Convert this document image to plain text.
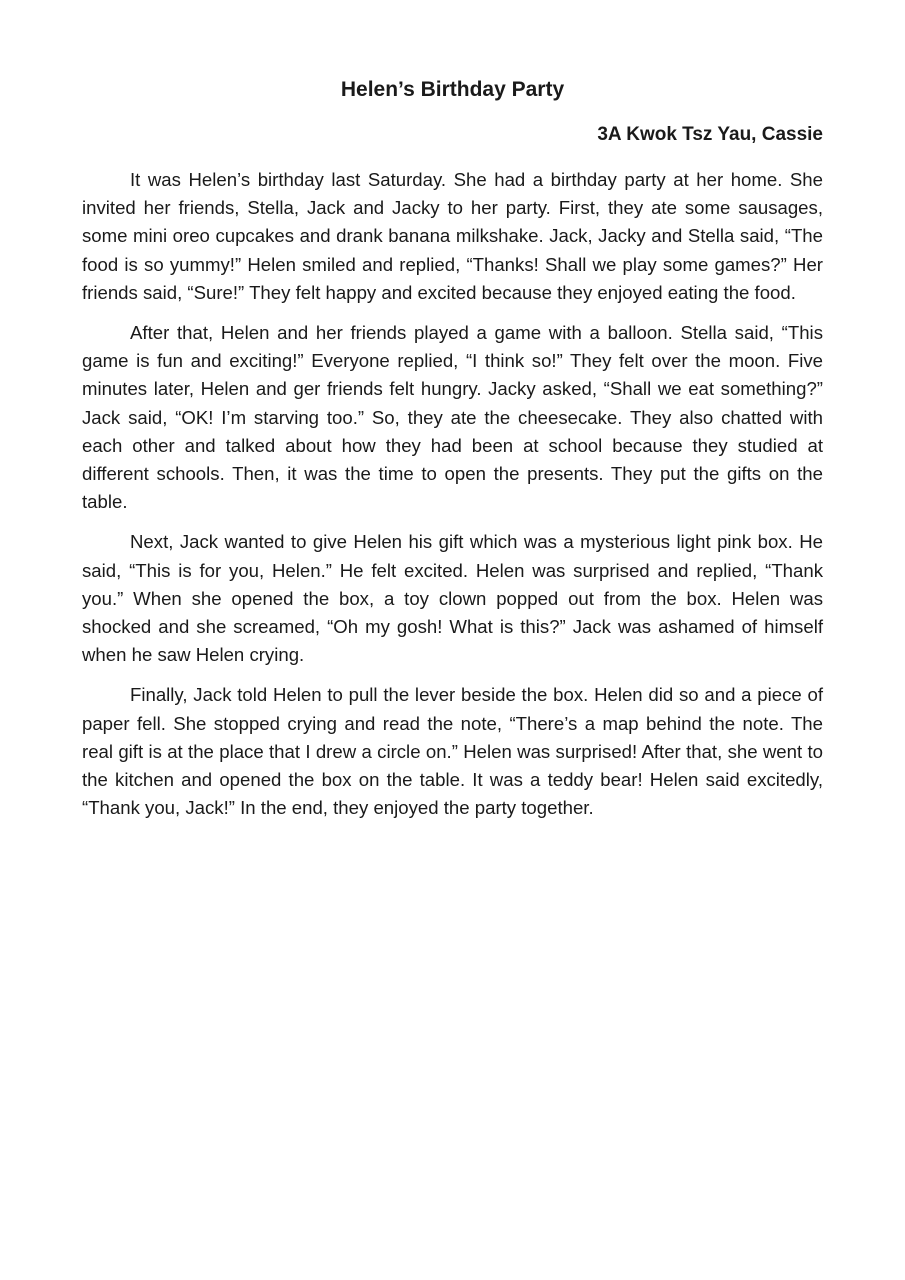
Helen’s Birthday Party

3A Kwok Tsz Yau, Cassie

It was Helen’s birthday last Saturday. She had a birthday party at her home. She invited her friends, Stella, Jack and Jacky to her party. First, they ate some sausages, some mini oreo cupcakes and drank banana milkshake. Jack, Jacky and Stella said, “The food is so yummy!” Helen smiled and replied, “Thanks! Shall we play some games?” Her friends said, “Sure!” They felt happy and excited because they enjoyed eating the food.

After that, Helen and her friends played a game with a balloon. Stella said, “This game is fun and exciting!” Everyone replied, “I think so!” They felt over the moon. Five minutes later, Helen and ger friends felt hungry. Jacky asked, “Shall we eat something?” Jack said, “OK! I’m starving too.” So, they ate the cheesecake. They also chatted with each other and talked about how they had been at school because they studied at different schools. Then, it was the time to open the presents. They put the gifts on the table.

Next, Jack wanted to give Helen his gift which was a mysterious light pink box. He said, “This is for you, Helen.” He felt excited. Helen was surprised and replied, “Thank you.” When she opened the box, a toy clown popped out from the box. Helen was shocked and she screamed, “Oh my gosh! What is this?” Jack was ashamed of himself when he saw Helen crying.

Finally, Jack told Helen to pull the lever beside the box. Helen did so and a piece of paper fell. She stopped crying and read the note, “There’s a map behind the note. The real gift is at the place that I drew a circle on.” Helen was surprised! After that, she went to the kitchen and opened the box on the table. It was a teddy bear! Helen said excitedly, “Thank you, Jack!” In the end, they enjoyed the party together.
